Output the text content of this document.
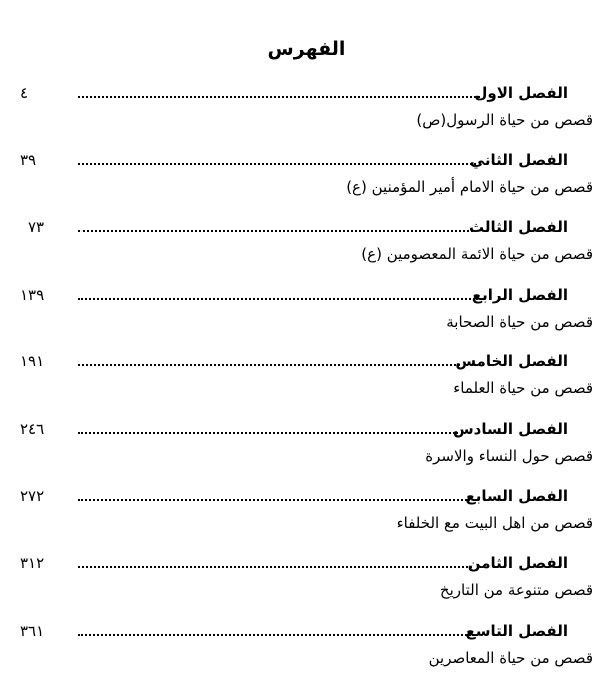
الفهرس
٤	الفصل الاول
قصص من حياة الرسول(ص)
٣٩	الفصل الثاني
قصص من حياة الامام أمير المؤمنين (ع)
٧٣	الفصل الثالث
قصص من حياة الائمة المعصومين (ع)
١٣٩	الفصل الرابع
قصص من حياة الصحابة
١٩١	الفصل الخامس
قصص من حياة العلماء
٢٤٦	الفصل السادس
قصص حول النساء والاسرة
٢٧٢	الفصل السابع
قصص من اهل البيت مع الخلفاء
٣١٢	الفصل الثامن
قصص متنوعة من التاريخ
٣٦١	الفصل التاسع
قصص من حياة المعاصرين
